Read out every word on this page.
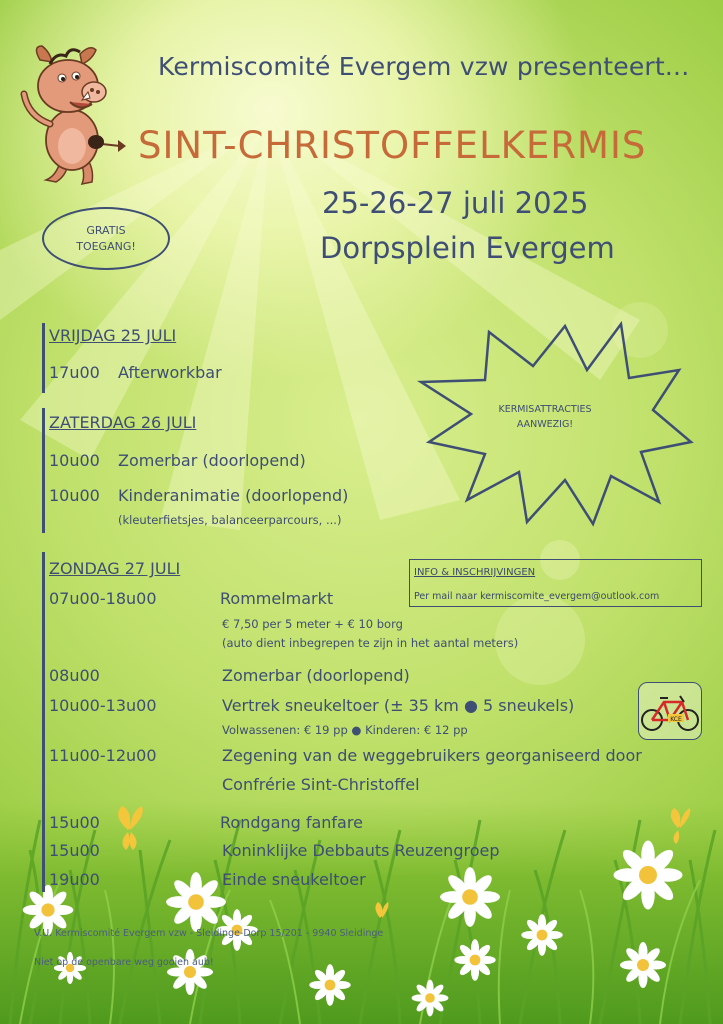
Kermiscomité Evergem vzw presenteert...
SINT-CHRISTOFFELKERMIS
25-26-27 juli 2025
Dorpsplein Evergem
GRATIS
TOEGANG!
KERMISATTRACTIES
AANWEZIG!
VRIJDAG 25 JULI
17u00 Afterworkbar
ZATERDAG 26 JULI
10u00 Zomerbar (doorlopend)
10u00 Kinderanimatie (doorlopend)
(kleuterfietsjes, balanceerparcours, ...)
ZONDAG 27 JULI
07u00-18u00	Rommelmarkt
€ 7,50 per 5 meter + € 10 borg
(auto dient inbegrepen te zijn in het aantal meters)
08u00	Zomerbar (doorlopend)
10u00-13u00	Vertrek sneukeltoer (± 35 km ● 5 sneukels)
Volwassenen: € 19 pp ● Kinderen: € 12 pp
11u00-12u00	Zegening van de weggebruikers georganiseerd door
Confrérie Sint-Christoffel
15u00	Rondgang fanfare
15u00	Koninklijke Debbauts Reuzengroep
19u00	Einde sneukeltoer
INFO & INSCHRIJVINGEN
Per mail naar kermiscomite_evergem@outlook.com
KCE
V.U. Kermiscomité Evergem vzw - Sleidinge-Dorp 15/201 - 9940 Sleidinge
Niet op de openbare weg gooien aub!
